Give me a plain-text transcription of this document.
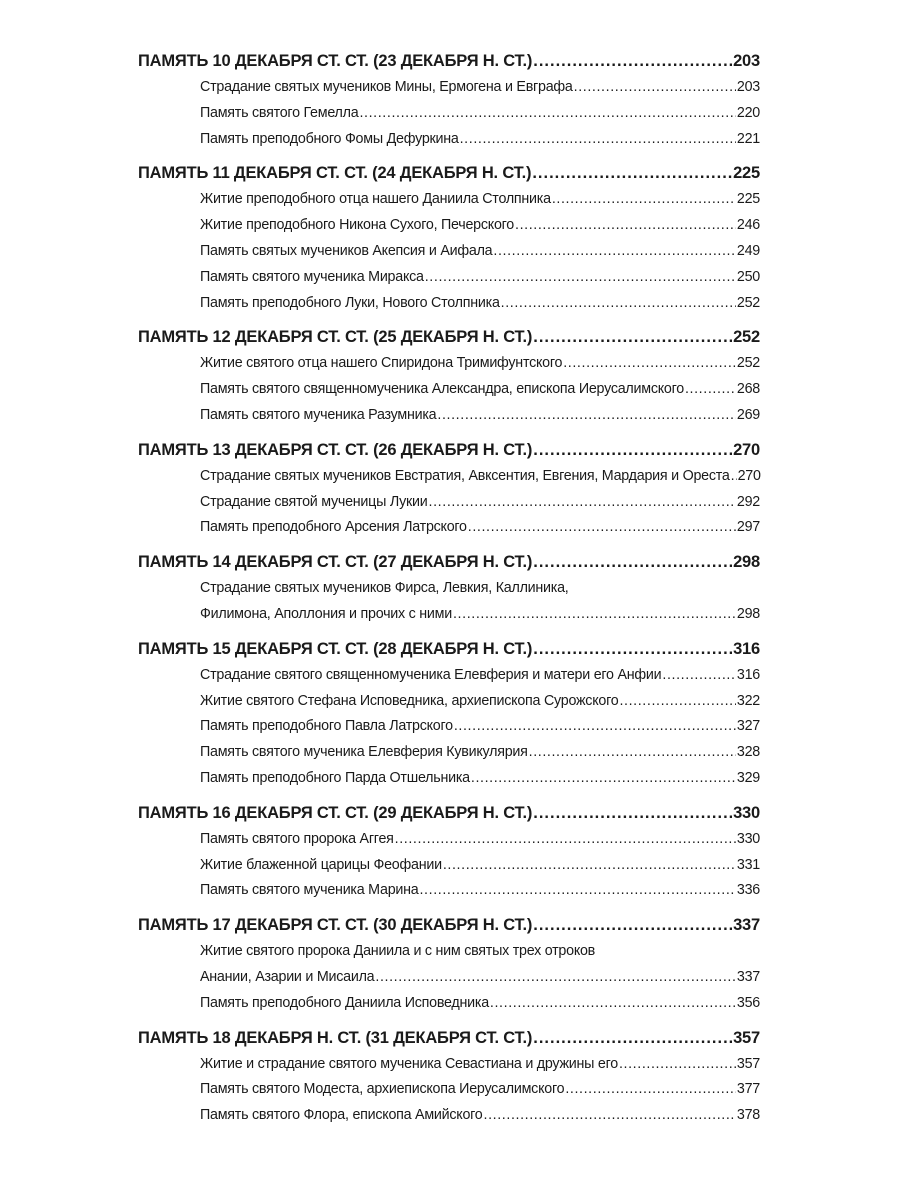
ПАМЯТЬ 10 ДЕКАБРЯ СТ. СТ. (23 ДЕКАБРЯ Н. СТ.) .....	203
Страдание святых мучеников Мины, Ермогена и Евграфа .....	203
Память святого Гемелла .....	220
Память преподобного Фомы Дефуркина .....	221
ПАМЯТЬ 11 ДЕКАБРЯ СТ. СТ. (24 ДЕКАБРЯ Н. СТ.) .....	225
Житие преподобного отца нашего Даниила Столпника .....	225
Житие преподобного Никона Сухого, Печерского .....	246
Память святых мучеников Акепсия и Аифала .....	249
Память святого мученика Миракса .....	250
Память преподобного Луки, Нового Столпника .....	252
ПАМЯТЬ 12 ДЕКАБРЯ СТ. СТ. (25 ДЕКАБРЯ Н. СТ.) .....	252
Житие святого отца нашего Спиридона Тримифунтского .....	252
Память святого священномученика Александра, епископа Иерусалимского .....	268
Память святого мученика Разумника .....	269
ПАМЯТЬ 13 ДЕКАБРЯ СТ. СТ. (26 ДЕКАБРЯ Н. СТ.) .....	270
Страдание святых мучеников Евстратия, Авксентия, Евгения, Мардария и Ореста ..... 270
Страдание святой мученицы Лукии .....	292
Память преподобного Арсения Латрского .....	297
ПАМЯТЬ 14 ДЕКАБРЯ СТ. СТ. (27 ДЕКАБРЯ Н. СТ.) .....	298
Страдание святых мучеников Фирса, Левкия, Каллиника,
Филимона, Аполлония и прочих с ними .....	298
ПАМЯТЬ 15 ДЕКАБРЯ СТ. СТ. (28 ДЕКАБРЯ Н. СТ.) .....	316
Страдание святого священномученика Елевферия и матери его Анфии .....	316
Житие святого Стефана Исповедника, архиепископа Сурожского .....	322
Память преподобного Павла Латрского .....	327
Память святого мученика Елевферия Кувикулярия .....	328
Память преподобного Парда Отшельника .....	329
ПАМЯТЬ 16 ДЕКАБРЯ СТ. СТ. (29 ДЕКАБРЯ Н. СТ.) .....	330
Память святого пророка Аггея .....	330
Житие блаженной царицы Феофании .....	331
Память святого мученика Марина .....	336
ПАМЯТЬ 17 ДЕКАБРЯ СТ. СТ. (30 ДЕКАБРЯ Н. СТ.) .....	337
Житие святого пророка Даниила и с ним святых трех отроков
Анании, Азарии и Мисаила .....	337
Память преподобного Даниила Исповедника .....	356
ПАМЯТЬ 18 ДЕКАБРЯ Н. СТ. (31 ДЕКАБРЯ СТ. СТ.) .....	357
Житие и страдание святого мученика Севастиана и дружины его .....	357
Память святого Модеста, архиепископа Иерусалимского .....	377
Память святого Флора, епископа Амийского .....	378
